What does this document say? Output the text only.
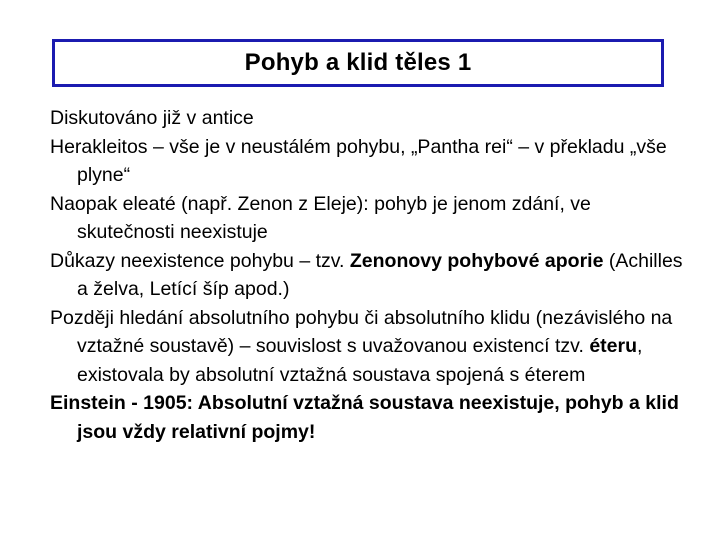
Pohyb a klid těles 1

Diskutováno již v antice

Herakleitos – vše je v neustálém pohybu, „Pantha rei“ – v překladu „vše plyne“

Naopak eleaté (např. Zenon z Eleje): pohyb je jenom zdání, ve skutečnosti neexistuje

Důkazy neexistence pohybu – tzv. Zenonovy pohybové aporie (Achilles a želva, Letící šíp apod.)

Později hledání absolutního pohybu či absolutního klidu (nezávislého na vztažné soustavě) – souvislost s uvažovanou existencí tzv. éteru, existovala by absolutní vztažná soustava spojená s éterem

Einstein - 1905: Absolutní vztažná soustava neexistuje, pohyb a klid jsou vždy relativní pojmy!
